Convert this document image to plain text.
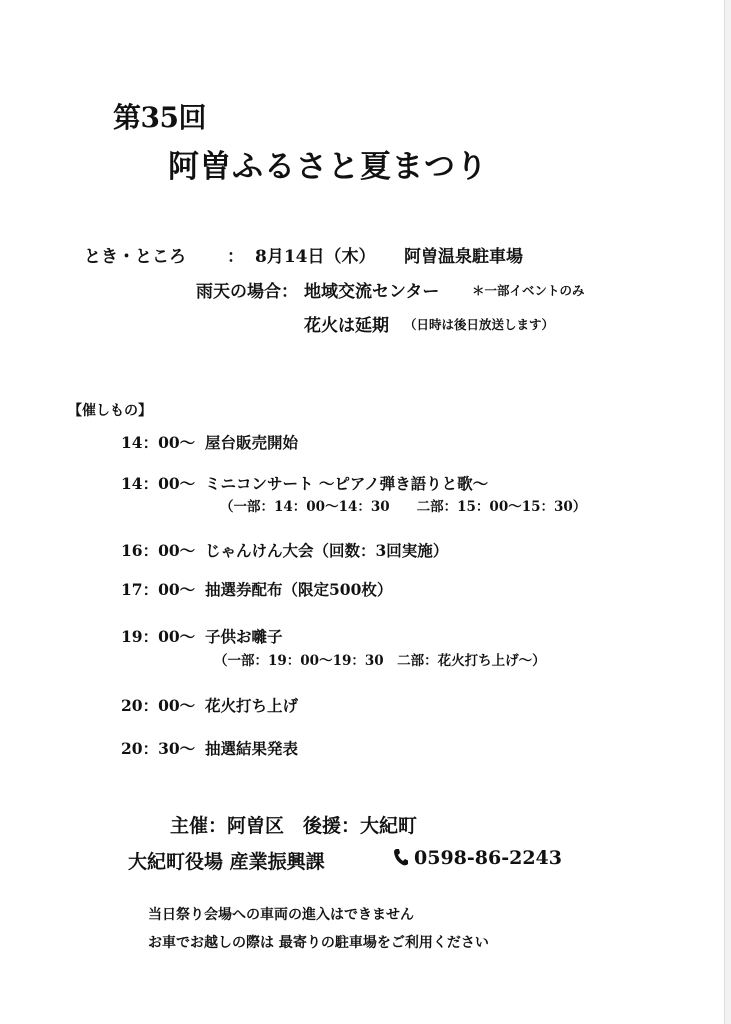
第35回
阿曽ふるさと夏まつり
とき・ところ ： 8月14日（木） 阿曽温泉駐車場
雨天の場合： 地域交流センター	＊一部イベントのみ
花火は延期 （日時は後日放送します）
【催しもの】
14：00～ 屋台販売開始
14：00～ ミニコンサート ～ピアノ弾き語りと歌～
（一部：14：00～14：30　　二部：15：00～15：30）
16：00～ じゃんけん大会（回数：3回実施）
17：00～ 抽選券配布（限定500枚）
19：00～ 子供お囃子
（一部：19：00～19：30　二部：花火打ち上げ～）
20：00～ 花火打ち上げ
20：30～ 抽選結果発表
主催：阿曽区　後援：大紀町
大紀町役場 産業振興課	0598-86-2243
当日祭り会場への車両の進入はできません
お車でお越しの際は 最寄りの駐車場をご利用ください
